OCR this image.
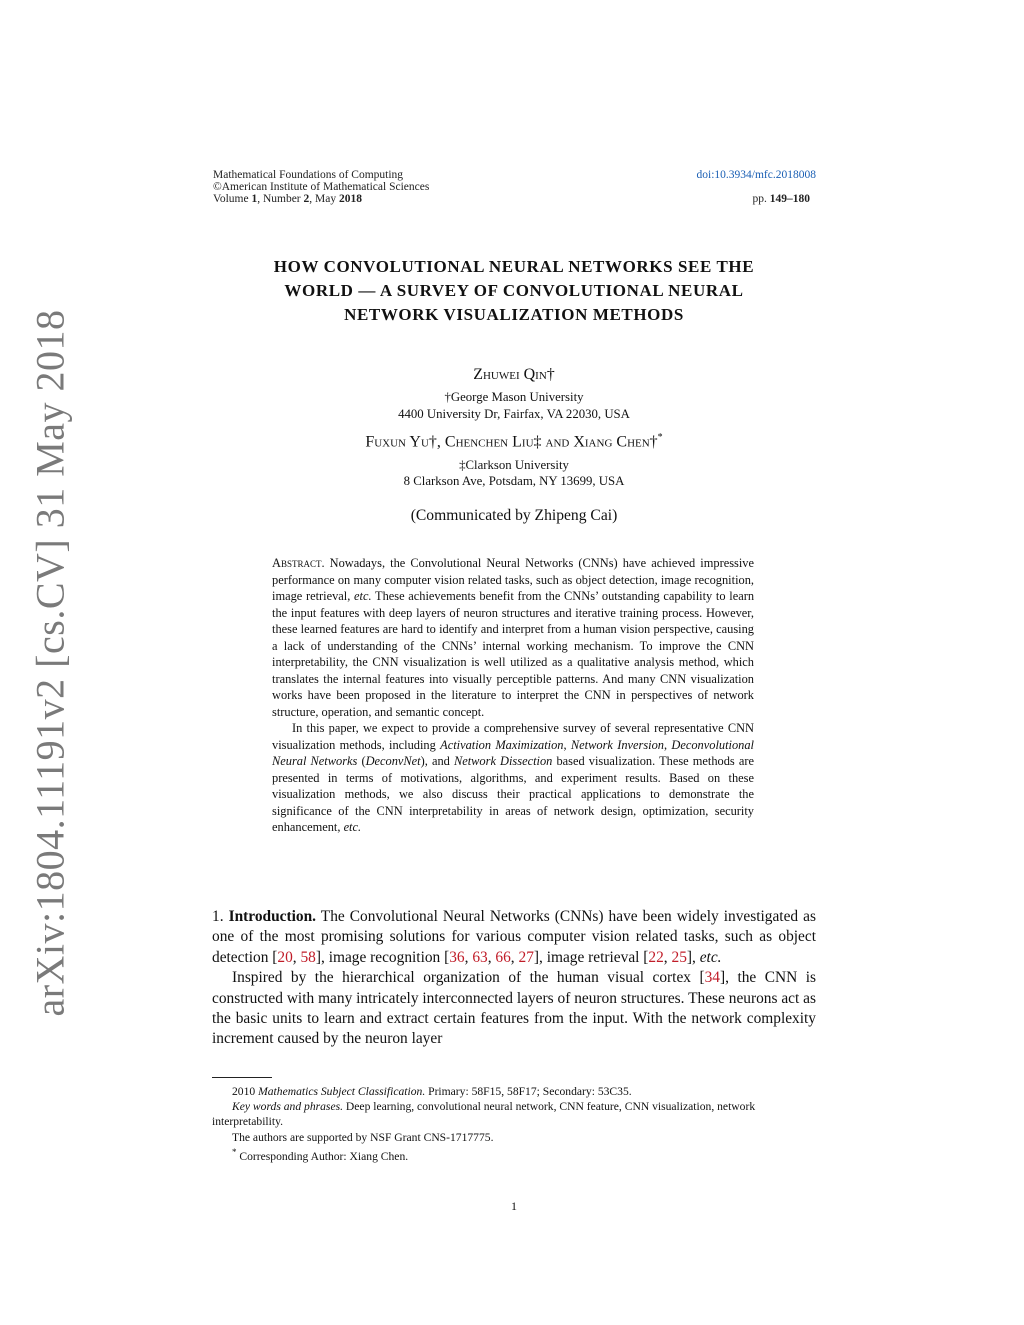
arXiv:1804.11191v2 [cs.CV] 31 May 2018
Mathematical Foundations of Computing	doi:10.3934/mfc.2018008
©American Institute of Mathematical Sciences
Volume 1, Number 2, May 2018	pp. 149–180
HOW CONVOLUTIONAL NEURAL NETWORKS SEE THE
WORLD — A SURVEY OF CONVOLUTIONAL NEURAL
NETWORK VISUALIZATION METHODS
Zhuwei Qin†
†George Mason University
4400 University Dr, Fairfax, VA 22030, USA
Fuxun Yu†, Chenchen Liu‡ and Xiang Chen†*
‡Clarkson University
8 Clarkson Ave, Potsdam, NY 13699, USA
(Communicated by Zhipeng Cai)

Abstract. Nowadays, the Convolutional Neural Networks (CNNs) have achieved impressive performance on many computer vision related tasks, such as object detection, image recognition, image retrieval, etc. These achievements benefit from the CNNs’ outstanding capability to learn the input features with deep layers of neuron structures and iterative training process. However, these learned features are hard to identify and interpret from a human vision perspective, causing a lack of understanding of the CNNs’ internal working mechanism. To improve the CNN interpretability, the CNN visualization is well utilized as a qualitative analysis method, which translates the internal features into visually perceptible patterns. And many CNN visualization works have been proposed in the literature to interpret the CNN in perspectives of network structure, operation, and semantic concept.

In this paper, we expect to provide a comprehensive survey of several representative CNN visualization methods, including Activation Maximization, Network Inversion, Deconvolutional Neural Networks (DeconvNet), and Network Dissection based visualization. These methods are presented in terms of motivations, algorithms, and experiment results. Based on these visualization methods, we also discuss their practical applications to demonstrate the significance of the CNN interpretability in areas of network design, optimization, security enhancement, etc.

1. Introduction. The Convolutional Neural Networks (CNNs) have been widely investigated as one of the most promising solutions for various computer vision related tasks, such as object detection [20, 58], image recognition [36, 63, 66, 27], image retrieval [22, 25], etc.

Inspired by the hierarchical organization of the human visual cortex [34], the CNN is constructed with many intricately interconnected layers of neuron structures. These neurons act as the basic units to learn and extract certain features from the input. With the network complexity increment caused by the neuron layer

2010 Mathematics Subject Classification. Primary: 58F15, 58F17; Secondary: 53C35.

Key words and phrases. Deep learning, convolutional neural network, CNN feature, CNN visualization, network interpretability.

The authors are supported by NSF Grant CNS-1717775.

* Corresponding Author: Xiang Chen.

1
